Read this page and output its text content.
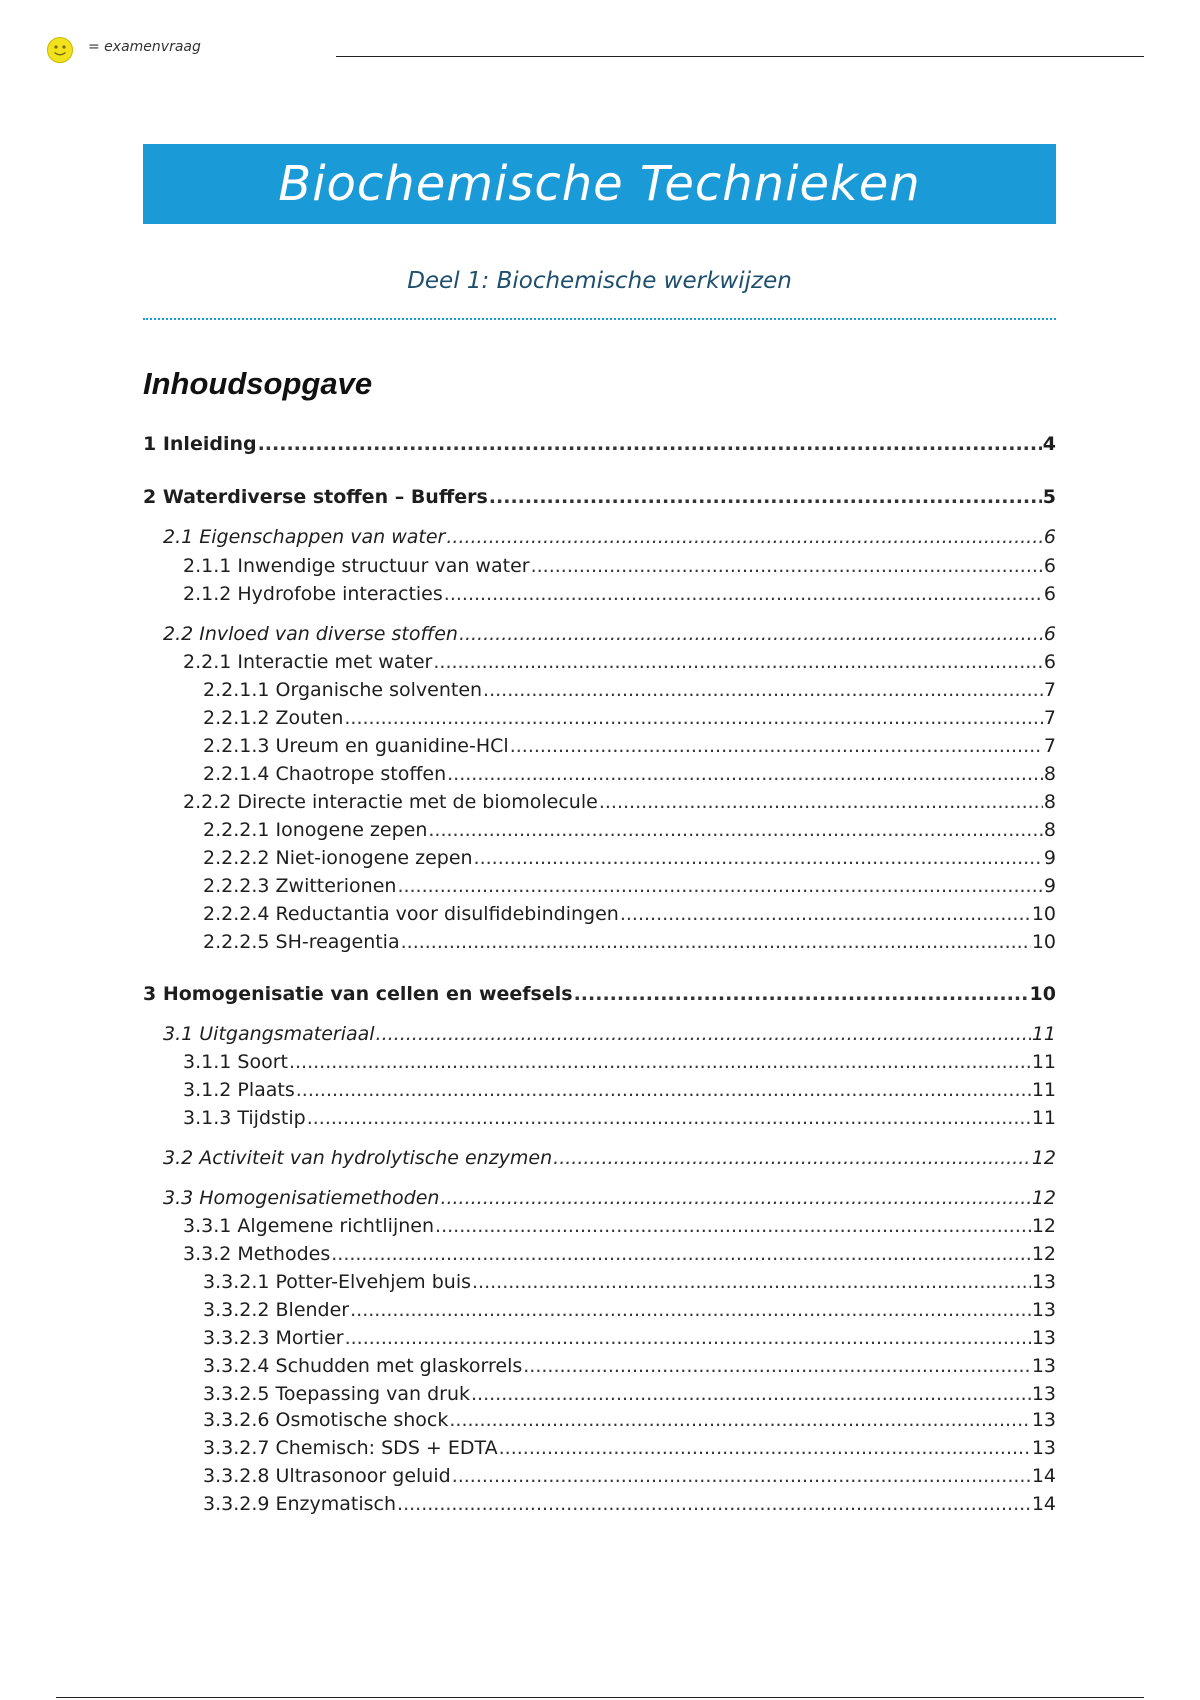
= examenvraag
Biochemische Technieken
Deel 1: Biochemische werkwijzen
Inhoudsopgave
1 Inleiding .....	4
2 Waterdiverse stoffen – Buffers .....	5
2.1 Eigenschappen van water .....	6
2.1.1 Inwendige structuur van water .....	6
2.1.2 Hydrofobe interacties .....	6
2.2 Invloed van diverse stoffen .....	6
2.2.1 Interactie met water .....	6
2.2.1.1 Organische solventen .....	7
2.2.1.2 Zouten .....	7
2.2.1.3 Ureum en guanidine-HCl .....	7
2.2.1.4 Chaotrope stoffen .....	8
2.2.2 Directe interactie met de biomolecule .....	8
2.2.2.1 Ionogene zepen .....	8
2.2.2.2 Niet-ionogene zepen .....	9
2.2.2.3 Zwitterionen .....	9
2.2.2.4 Reductantia voor disulfidebindingen .....	10
2.2.2.5 SH-reagentia .....	10
3 Homogenisatie van cellen en weefsels .....	10
3.1 Uitgangsmateriaal .....	11
3.1.1 Soort .....	11
3.1.2 Plaats .....	11
3.1.3 Tijdstip .....	11
3.2 Activiteit van hydrolytische enzymen .....	12
3.3 Homogenisatiemethoden .....	12
3.3.1 Algemene richtlijnen .....	12
3.3.2 Methodes .....	12
3.3.2.1 Potter-Elvehjem buis .....	13
3.3.2.2 Blender .....	13
3.3.2.3 Mortier .....	13
3.3.2.4 Schudden met glaskorrels .....	13
3.3.2.5 Toepassing van druk .....	13
3.3.2.6 Osmotische shock .....	13
3.3.2.7 Chemisch: SDS + EDTA .....	13
3.3.2.8 Ultrasonoor geluid .....	14
3.3.2.9 Enzymatisch .....	14
